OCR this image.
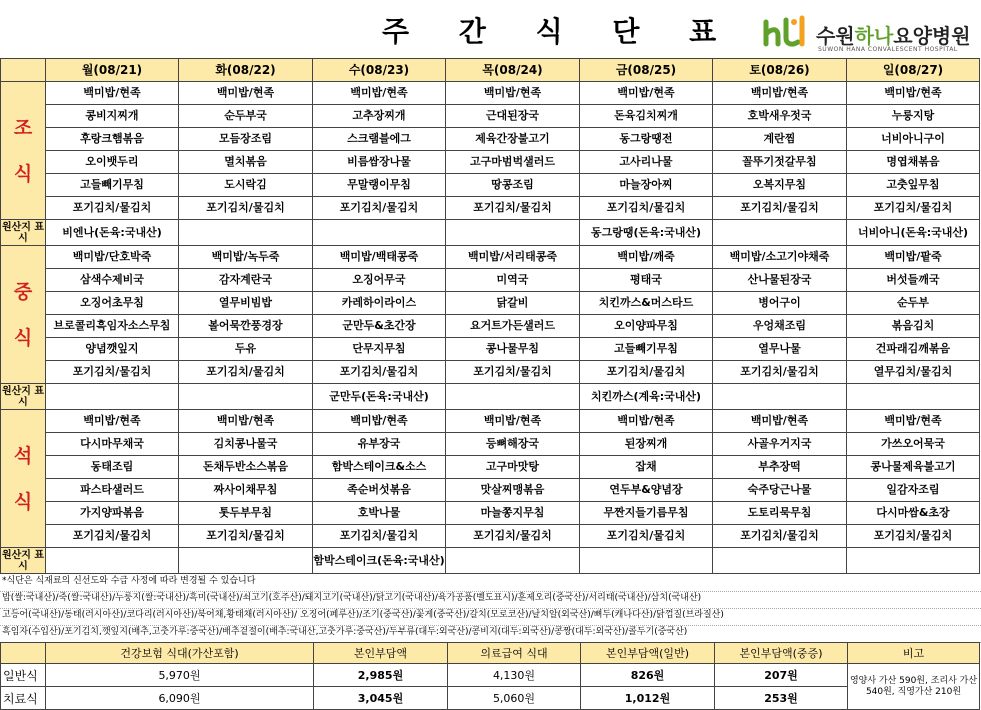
주 간 식 단 표	수원하나요양병원
SUWON HANA CONVALESCENT HOSPITAL
	월(08/21)	화(08/22)	수(08/23)	목(08/24)	금(08/25)	토(08/26)	일(08/27)

조
식	백미밥/현족	백미밥/현족	백미밥/현족	백미밥/현족	백미밥/현족	백미밥/현족	백미밥/현족
	콩비지찌개	순두부국	고추장찌개	근대된장국	돈육김치찌개	호박새우젓국	누룽지탕
	후랑크햄볶음	모듬장조림	스크램블에그	제육간장불고기	동그랑땡전	계란찜	너비아니구이
	오이뱃두리	멸치볶음	비름쌈장나물	고구마범벅샐러드	고사리나물	꼴뚜기젓갈무침	명엽채볶음
	고들빼기무침	도시락김	무말랭이무침	땅콩조림	마늘장아찌	오복지무침	고춧잎무침
	포기김치/물김치	포기김치/물김치	포기김치/물김치	포기김치/물김치	포기김치/물김치	포기김치/물김치	포기김치/물김치
원산지 표시	비엔나(돈육:국내산)				동그랑땡(돈육:국내산)		너비아니(돈육:국내산)

중
식	백미밥/단호박죽	백미밥/녹두죽	백미밥/백태콩죽	백미밥/서리태콩죽	백미밥/깨죽	백미밥/소고기야채죽	백미밥/팥죽
	삼색수제비국	감자계란국	오징어무국	미역국	평태국	산나물된장국	버섯들깨국
	오징어초무침	열무비빔밥	카레하이라이스	닭갈비	치킨까스&머스타드	병어구이	순두부
	브로콜리흑임자소스무침	볼어묵깐풍경장	군만두&초간장	요거트가든샐러드	오이양파무침	우엉채조림	볶음김치
	양념깻잎지	두유	단무지무침	콩나물무침	고들빼기무침	열무나물	건파래김깨볶음
	포기김치/물김치	포기김치/물김치	포기김치/물김치	포기김치/물김치	포기김치/물김치	포기김치/물김치	열무김치/물김치
원산지 표시			군만두(돈육:국내산)		치킨까스(계육:국내산)		

석
식	백미밥/현족	백미밥/현족	백미밥/현족	백미밥/현족	백미밥/현족	백미밥/현족	백미밥/현족
	다시마무채국	김치콩나물국	유부장국	등뼈해장국	된장찌개	사골우거지국	가쓰오어묵국
	동태조림	돈채두반소스볶음	함박스테이크&소스	고구마맛탕	잡채	부추장떡	콩나물제육불고기
	파스타샐러드	짜사이채무침	족순버섯볶음	맛살찌맹볶음	연두부&양념장	숙주당근나물	일감자조림
	가지양파볶음	톳두부무침	호박나물	마늘쫑지무침	무짠지들기름무침	도토리묵무침	다시마쌈&초장
	포기김치/물김치	포기김치/물김치	포기김치/물김치	포기김치/물김치	포기김치/물김치	포기김치/물김치	포기김치/물김치
원산지 표시			함박스테이크(돈육:국내산)				
*식단은 식재료의 신선도와 수급 사정에 따라 변경될 수 있습니다
밥(쌀:국내산)/죽(쌀:국내산)/누룽지(쌀:국내산)/흑미(국내산)/쇠고기(호주산)/돼지고기(국내산)/닭고기(국내산)/육가공품(벨도표시)/훈제오리(중국산)/서리태(국내산)/삼치(국내산)
고등어(국내산)/동태(러시아산)/코다리(러시아산)/북어채,황태채(러시아산)/ 오징어(페루산)/조기(중국산)/꽃게(중국산)/갈치(모로코산)/날치알(외국산)/뼈두(캐나다산)/닭껍질(브라질산)
흑임자(수입산)/포기김치,깻잎지(배추,고춧가루:중국산)/배추겉절이(배추:국내산,고춧가루:중국산)/두부류(대두:외국산)/콩비지(대두:외국산)/콩짱(대두:외국산)/콜두기(중국산)
	건강보험 식대(가산포함)	본인부담액	의료급여 식대	본인부담액(일반)	본인부담액(중증)	비고
일반식	5,970원	2,985원	4,130원	826원	207원	영양사 가산 590원, 조리사 가산 540원, 직영가산 210원
치료식	6,090원	3,045원	5,060원	1,012원	253원	
